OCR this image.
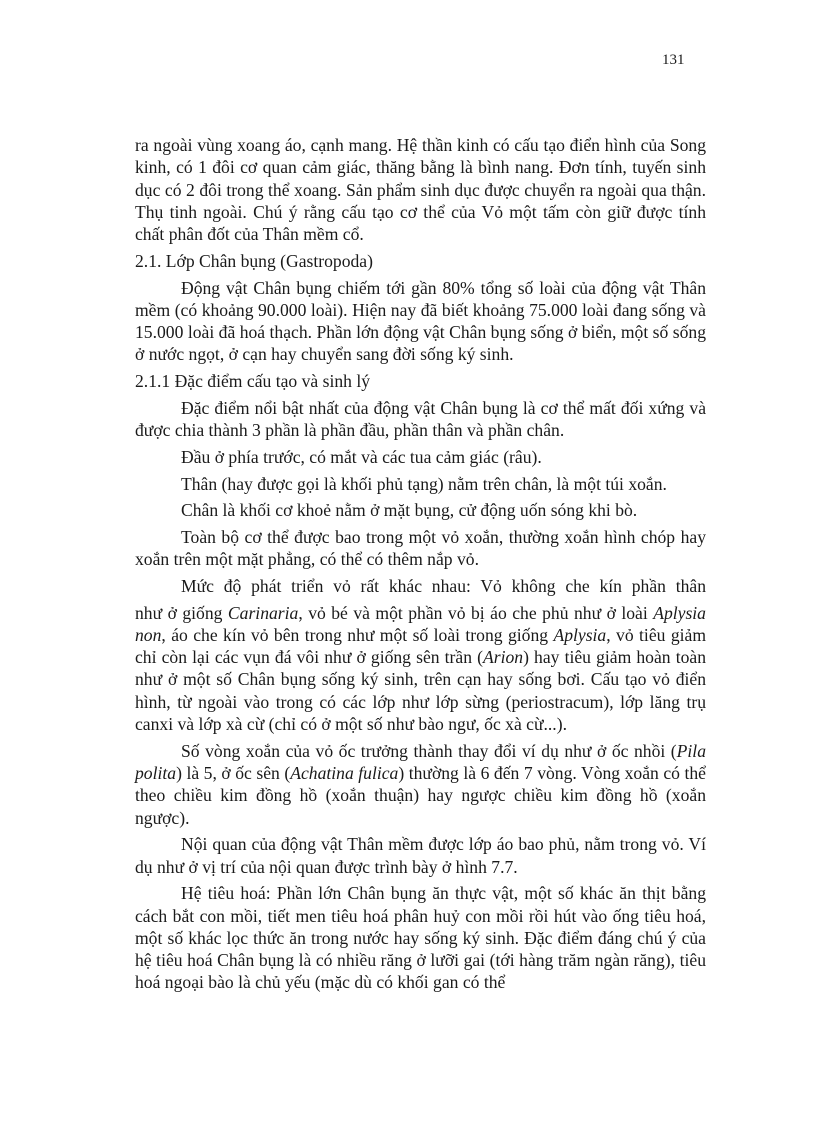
131

ra ngoài vùng xoang áo, cạnh mang. Hệ thần kinh có cấu tạo điển hình của Song kinh, có 1 đôi cơ quan cảm giác, thăng bằng là bình nang. Đơn tính, tuyến sinh dục có 2 đôi trong thể xoang. Sản phẩm sinh dục được chuyển ra ngoài qua thận. Thụ tinh ngoài. Chú ý rằng cấu tạo cơ thể của Vỏ một tấm còn giữ được tính chất phân đốt của Thân mềm cổ.

2.1. Lớp Chân bụng (Gastropoda)

Động vật Chân bụng chiếm tới gần 80% tổng số loài của động vật Thân mềm (có khoảng 90.000 loài). Hiện nay đã biết khoảng 75.000 loài đang sống và 15.000 loài đã hoá thạch. Phần lớn động vật Chân bụng sống ở biển, một số sống ở nước ngọt, ở cạn hay chuyển sang đời sống ký sinh.

2.1.1 Đặc điểm cấu tạo và sinh lý

Đặc điểm nổi bật nhất của động vật Chân bụng là cơ thể mất đối xứng và được chia thành 3 phần là phần đầu, phần thân và phần chân.

Đầu ở phía trước, có mắt và các tua cảm giác (râu).

Thân (hay được gọi là khối phủ tạng) nằm trên chân, là một túi xoắn.

Chân là khối cơ khoẻ nằm ở mặt bụng, cử động uốn sóng khi bò.

Toàn bộ cơ thể được bao trong một vỏ xoắn, thường xoắn hình chóp hay xoắn trên một mặt phẳng, có thể có thêm nắp vỏ.

Mức độ phát triển vỏ rất khác nhau: Vỏ không che kín phần thân

như ở giống Carinaria, vỏ bé và một phần vỏ bị áo che phủ như ở loài Aplysia non, áo che kín vỏ bên trong như một số loài trong giống Aplysia, vỏ tiêu giảm chỉ còn lại các vụn đá vôi như ở giống sên trần (Arion) hay tiêu giảm hoàn toàn như ở một số Chân bụng sống ký sinh, trên cạn hay sống bơi. Cấu tạo vỏ điển hình, từ ngoài vào trong có các lớp như lớp sừng (periostracum), lớp lăng trụ canxi và lớp xà cừ (chỉ có ở một số như bào ngư, ốc xà cừ...).

Số vòng xoắn của vỏ ốc trưởng thành thay đổi ví dụ như ở ốc nhồi (Pila polita) là 5, ở ốc sên (Achatina fulica) thường là 6 đến 7 vòng. Vòng xoắn có thể theo chiều kim đồng hồ (xoắn thuận) hay ngược chiều kim đồng hồ (xoắn ngược).

Nội quan của động vật Thân mềm được lớp áo bao phủ, nằm trong vỏ. Ví dụ như ở vị trí của nội quan được trình bày ở hình 7.7.

Hệ tiêu hoá: Phần lớn Chân bụng ăn thực vật, một số khác ăn thịt bằng cách bắt con mồi, tiết men tiêu hoá phân huỷ con mồi rồi hút vào ống tiêu hoá, một số khác lọc thức ăn trong nước hay sống ký sinh. Đặc điểm đáng chú ý của hệ tiêu hoá Chân bụng là có nhiều răng ở lưỡi gai (tới hàng trăm ngàn răng), tiêu hoá ngoại bào là chủ yếu (mặc dù có khối gan có thể
